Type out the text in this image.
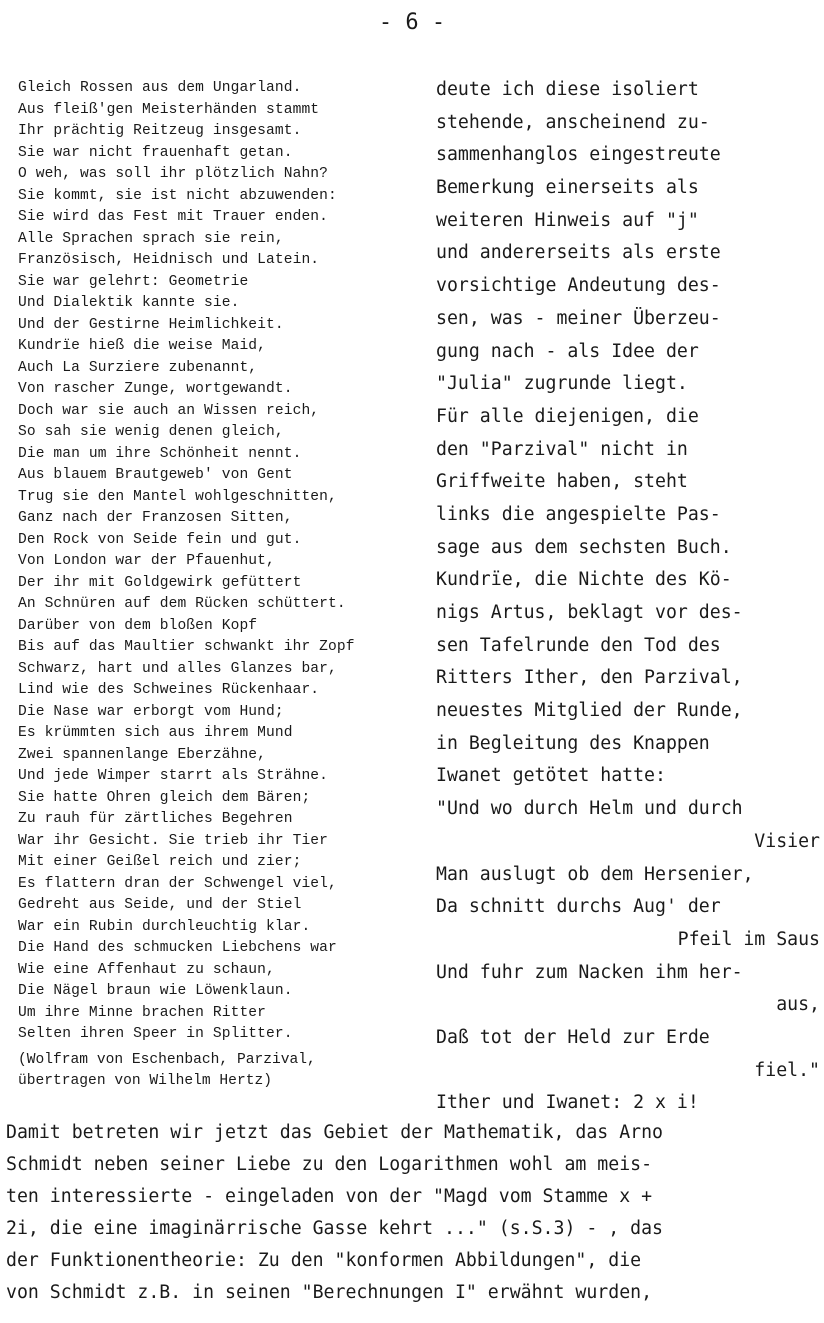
- 6 -
Gleich Rossen aus dem Ungarland.
Aus fleiß'gen Meisterhänden stammt
Ihr prächtig Reitzeug insgesamt.
Sie war nicht frauenhaft getan.
O weh, was soll ihr plötzlich Nahn?
Sie kommt, sie ist nicht abzuwenden:
Sie wird das Fest mit Trauer enden.
Alle Sprachen sprach sie rein,
Französisch, Heidnisch und Latein.
Sie war gelehrt: Geometrie
Und Dialektik kannte sie.
Und der Gestirne Heimlichkeit.
Kundrïe hieß die weise Maid,
Auch La Surziere zubenannt,
Von rascher Zunge, wortgewandt.
Doch war sie auch an Wissen reich,
So sah sie wenig denen gleich,
Die man um ihre Schönheit nennt.
Aus blauem Brautgeweb' von Gent
Trug sie den Mantel wohlgeschnitten,
Ganz nach der Franzosen Sitten,
Den Rock von Seide fein und gut.
Von London war der Pfauenhut,
Der ihr mit Goldgewirk gefüttert
An Schnüren auf dem Rücken schüttert.
Darüber von dem bloßen Kopf
Bis auf das Maultier schwankt ihr Zopf
Schwarz, hart und alles Glanzes bar,
Lind wie des Schweines Rückenhaar.
Die Nase war erborgt vom Hund;
Es krümmten sich aus ihrem Mund
Zwei spannenlange Eberzähne,
Und jede Wimper starrt als Strähne.
Sie hatte Ohren gleich dem Bären;
Zu rauh für zärtliches Begehren
War ihr Gesicht. Sie trieb ihr Tier
Mit einer Geißel reich und zier;
Es flattern dran der Schwengel viel,
Gedreht aus Seide, und der Stiel
War ein Rubin durchleuchtig klar.
Die Hand des schmucken Liebchens war
Wie eine Affenhaut zu schaun,
Die Nägel braun wie Löwenklaun.
Um ihre Minne brachen Ritter
Selten ihren Speer in Splitter.
(Wolfram von Eschenbach, Parzival,
übertragen von Wilhelm Hertz)
deute ich diese isoliert
stehende, anscheinend zu-
sammenhanglos eingestreute
Bemerkung einerseits als
weiteren Hinweis auf "j"
und andererseits als erste
vorsichtige Andeutung des-
sen, was - meiner Überzeu-
gung nach - als Idee der
"Julia" zugrunde liegt.
Für alle diejenigen, die
den "Parzival" nicht in
Griffweite haben, steht
links die angespielte Pas-
sage aus dem sechsten Buch.
Kundrïe, die Nichte des Kö-
nigs Artus, beklagt vor des-
sen Tafelrunde den Tod des
Ritters Ither, den Parzival,
neuestes Mitglied der Runde,
in Begleitung des Knappen
Iwanet getötet hatte:
"Und wo durch Helm und durch
Visier
Man auslugt ob dem Hersenier,
Da schnitt durchs Aug' der
Pfeil im Saus
Und fuhr zum Nacken ihm her-
aus,
Daß tot der Held zur Erde
fiel."
Ither und Iwanet: 2 x i!
Damit betreten wir jetzt das Gebiet der Mathematik, das Arno
Schmidt neben seiner Liebe zu den Logarithmen wohl am meis-
ten interessierte - eingeladen von der "Magd vom Stamme x +
2i, die eine imaginärrische Gasse kehrt ..." (s.S.3) - , das
der Funktionentheorie: Zu den "konformen Abbildungen", die
von Schmidt z.B. in seinen "Berechnungen I" erwähnt wurden,
